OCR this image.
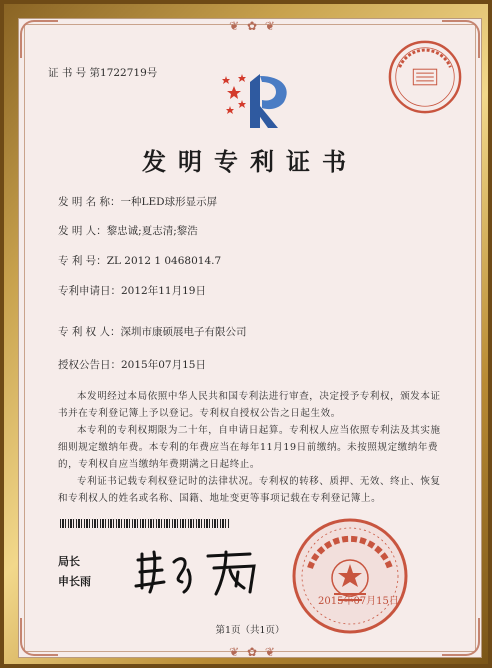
❦ ✿ ❦
❦ ✿ ❦
证 书 号 第1722719号
发明专利证书
发 明 名 称：一种LED球形显示屏
发 明 人：黎忠诚;夏志清;黎浩
专 利 号：ZL 2012 1 0468014.7
专利申请日：2012年11月19日
专 利 权 人：深圳市康硕展电子有限公司
授权公告日：2015年07月15日

本发明经过本局依照中华人民共和国专利法进行审查，决定授予专利权，颁发本证书并在专利登记簿上予以登记。专利权自授权公告之日起生效。

本专利的专利权期限为二十年，自申请日起算。专利权人应当依照专利法及其实施细则规定缴纳年费。本专利的年费应当在每年11月19日前缴纳。未按照规定缴纳年费的，专利权自应当缴纳年费期满之日起终止。

专利证书记载专利权登记时的法律状况。专利权的转移、质押、无效、终止、恢复和专利权人的姓名或名称、国籍、地址变更等事项记载在专利登记簿上。

局长
申长雨
2015年07月15日
第1页（共1页）
